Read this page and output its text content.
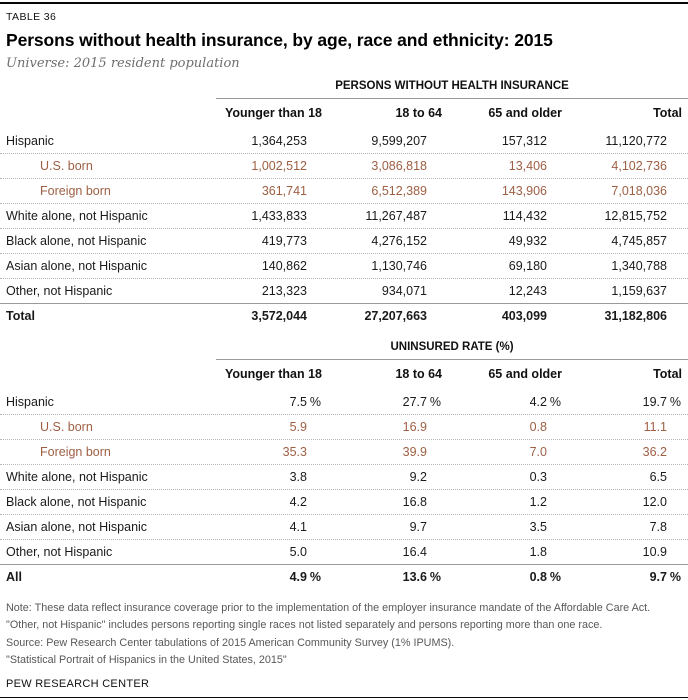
TABLE 36
Persons without health insurance, by age, race and ethnicity: 2015
Universe: 2015 resident population
PERSONS WITHOUT HEALTH INSURANCE
Younger than 18	18 to 64	65 and older	Total
Hispanic	1,364,253	9,599,207	157,312	11,120,772
U.S. born	1,002,512	3,086,818	13,406	4,102,736
Foreign born	361,741	6,512,389	143,906	7,018,036
White alone, not Hispanic	1,433,833	11,267,487	114,432	12,815,752
Black alone, not Hispanic	419,773	4,276,152	49,932	4,745,857
Asian alone, not Hispanic	140,862	1,130,746	69,180	1,340,788
Other, not Hispanic	213,323	934,071	12,243	1,159,637
Total	3,572,044	27,207,663	403,099	31,182,806
UNINSURED RATE (%)
Younger than 18	18 to 64	65 and older	Total
Hispanic	7.5 %	27.7 %	4.2 %	19.7 %
U.S. born	5.9	16.9	0.8	11.1
Foreign born	35.3	39.9	7.0	36.2
White alone, not Hispanic	3.8	9.2	0.3	6.5
Black alone, not Hispanic	4.2	16.8	1.2	12.0
Asian alone, not Hispanic	4.1	9.7	3.5	7.8
Other, not Hispanic	5.0	16.4	1.8	10.9
All	4.9 %	13.6 %	0.8 %	9.7 %

Note: These data reflect insurance coverage prior to the implementation of the employer insurance mandate of the Affordable Care Act. "Other, not Hispanic" includes persons reporting single races not listed separately and persons reporting more than one race.

Source: Pew Research Center tabulations of 2015 American Community Survey (1% IPUMS).

"Statistical Portrait of Hispanics in the United States, 2015"

PEW RESEARCH CENTER
